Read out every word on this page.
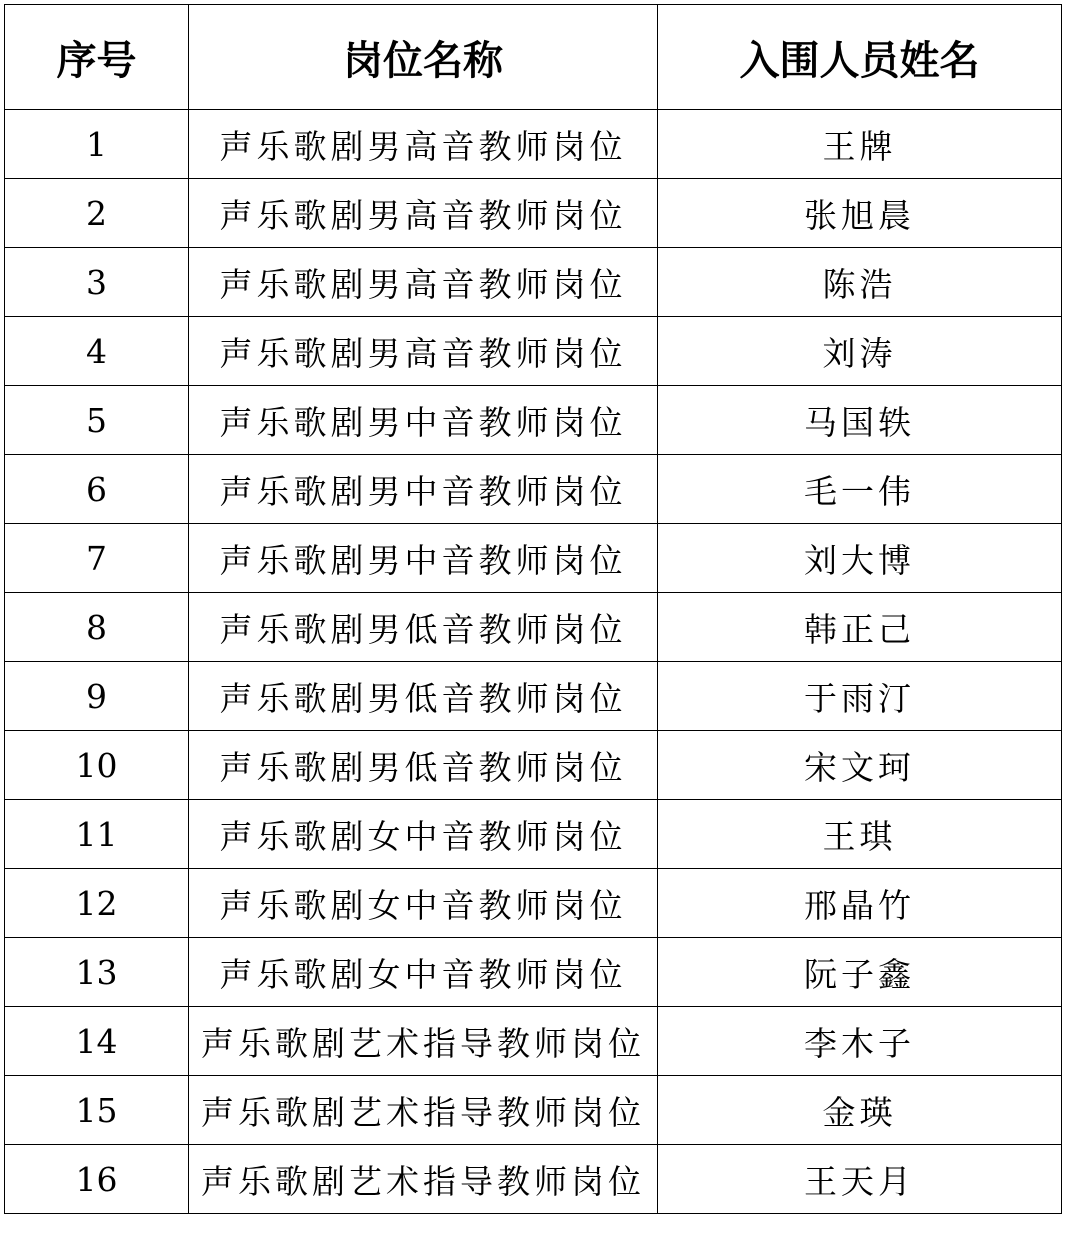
序号	岗位名称	入围人员姓名
1	声乐歌剧男高音教师岗位	王牌
2	声乐歌剧男高音教师岗位	张旭晨
3	声乐歌剧男高音教师岗位	陈浩
4	声乐歌剧男高音教师岗位	刘涛
5	声乐歌剧男中音教师岗位	马国轶
6	声乐歌剧男中音教师岗位	毛一伟
7	声乐歌剧男中音教师岗位	刘大博
8	声乐歌剧男低音教师岗位	韩正己
9	声乐歌剧男低音教师岗位	于雨汀
10	声乐歌剧男低音教师岗位	宋文珂
11	声乐歌剧女中音教师岗位	王琪
12	声乐歌剧女中音教师岗位	邢晶竹
13	声乐歌剧女中音教师岗位	阮子鑫
14	声乐歌剧艺术指导教师岗位	李木子
15	声乐歌剧艺术指导教师岗位	金瑛
16	声乐歌剧艺术指导教师岗位	王天月
